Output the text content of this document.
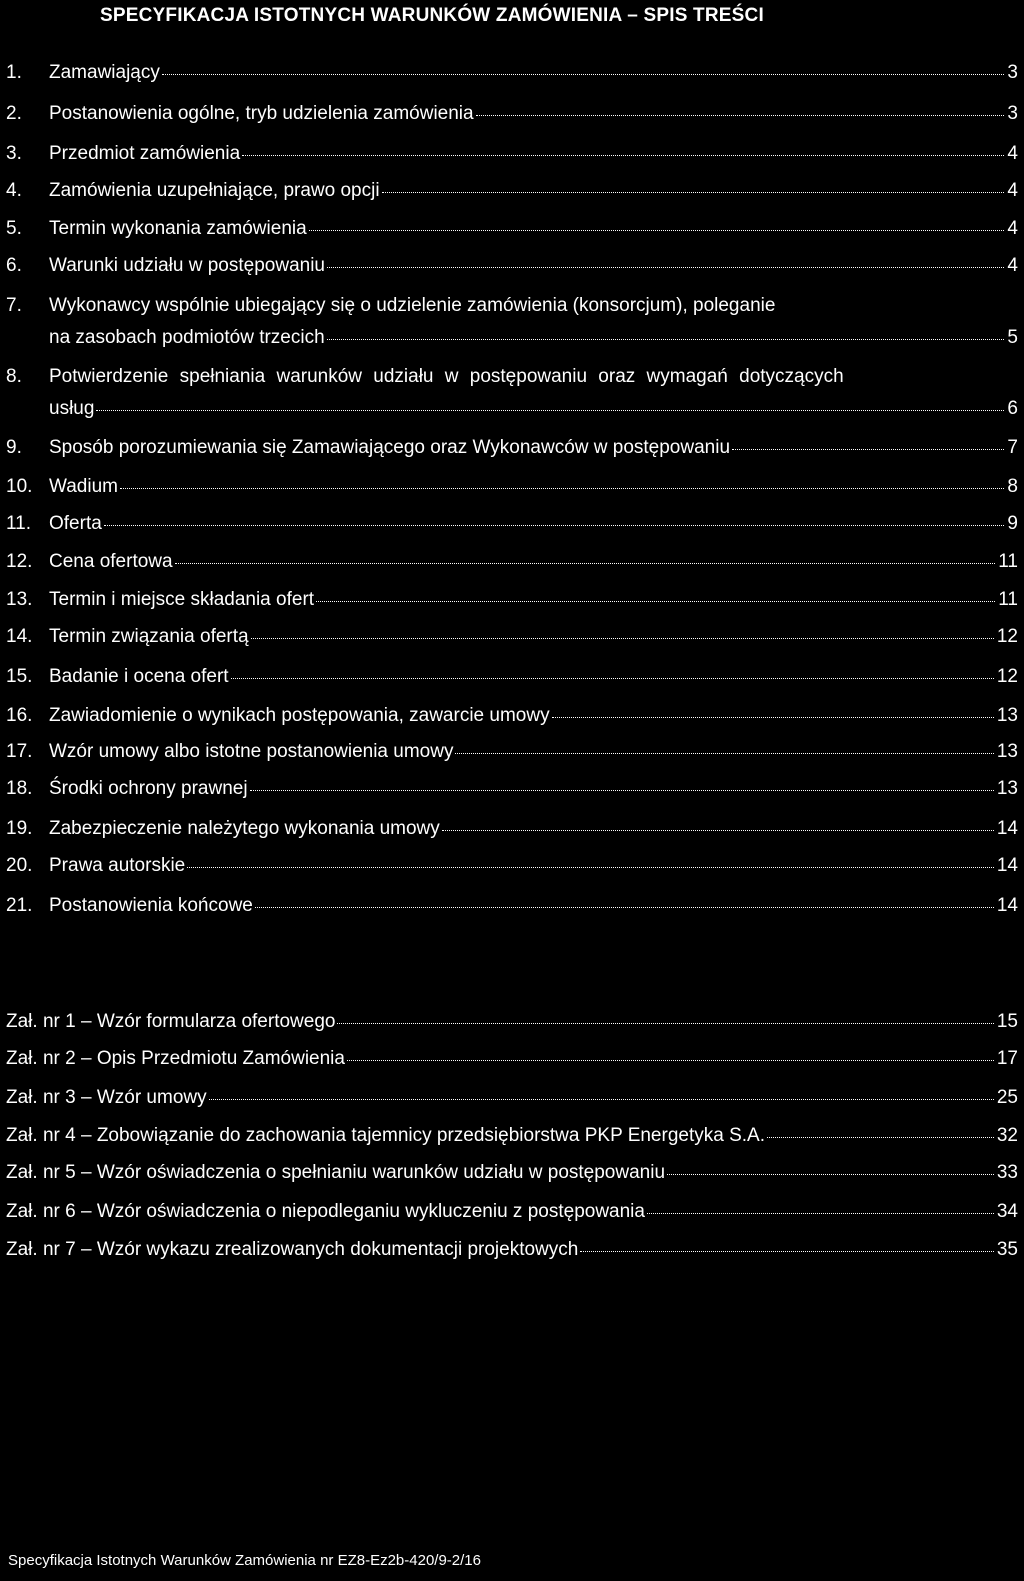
SPECYFIKACJA ISTOTNYCH WARUNKÓW ZAMÓWIENIA – SPIS TREŚCI
1.	Zamawiający	3
2.	Postanowienia ogólne, tryb udzielenia zamówienia	3
3.	Przedmiot zamówienia	4
4.	Zamówienia uzupełniające, prawo opcji	4
5.	Termin wykonania zamówienia	4
6.	Warunki udziału w postępowaniu	4
7.	Wykonawcy wspólnie ubiegający się o udzielenie zamówienia (konsorcjum), poleganie
na zasobach podmiotów trzecich	5
8.	Potwierdzenie spełniania warunków udziału w postępowaniu oraz wymagań dotyczących
usług	6
9.	Sposób porozumiewania się Zamawiającego oraz Wykonawców w postępowaniu	7
10. Wadium	8
11. Oferta	9
12. Cena ofertowa	11
13. Termin i miejsce składania ofert	11
14. Termin związania ofertą	12
15. Badanie i ocena ofert	12
16. Zawiadomienie o wynikach postępowania, zawarcie umowy	13
17. Wzór umowy albo istotne postanowienia umowy	13
18. Środki ochrony prawnej	13
19. Zabezpieczenie należytego wykonania umowy	14
20. Prawa autorskie	14
21. Postanowienia końcowe	14
Zał. nr 1 – Wzór formularza ofertowego	15
Zał. nr 2 – Opis Przedmiotu Zamówienia	17
Zał. nr 3 – Wzór umowy	25
Zał. nr 4 – Zobowiązanie do zachowania tajemnicy przedsiębiorstwa PKP Energetyka S.A.	32
Zał. nr 5 – Wzór oświadczenia o spełnianiu warunków udziału w postępowaniu	33
Zał. nr 6 – Wzór oświadczenia o niepodleganiu wykluczeniu z postępowania	34
Zał. nr 7 – Wzór wykazu zrealizowanych dokumentacji projektowych	35
Specyfikacja Istotnych Warunków Zamówienia nr EZ8-Ez2b-420/9-2/16
